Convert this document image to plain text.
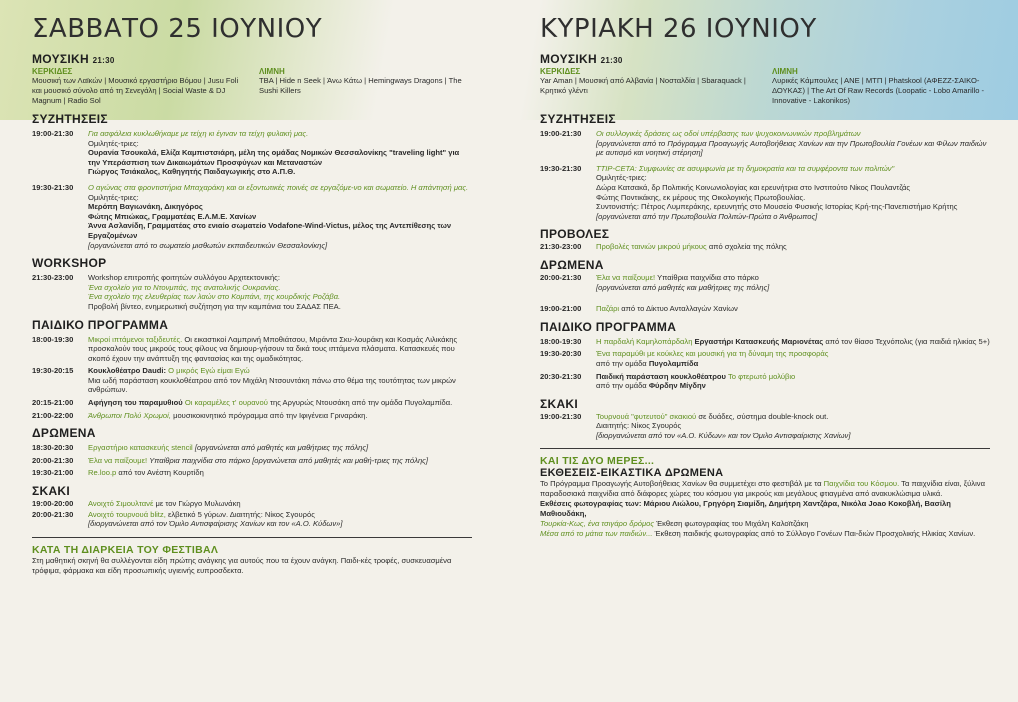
ΣΑΒΒΑΤΟ 25 ΙΟΥΝΙΟΥ
ΜΟΥΣΙΚΗ 21:30
ΚΕΡΚΙΔΕΣ
Μουσική των Λαϊκών | Μουσικό εργαστήριο Βόμου | Jusu Foli και μουσικό σύνολο από τη Σενεγάλη | Social Waste & DJ Magnum | Radio Sol
ΛΙΜΝΗ
TBA | Hide n Seek | Άνω Κάτω | Hemingways Dragons | The Sushi Killers
ΣΥΖΗΤΗΣΕΙΣ
19:00-21:30	Για ασφάλεια κυκλωθήκαμε με τείχη κι έγιναν τα τείχη φυλακή μας.
Ομιλητές-τριες:
Ουρανία Τσουκαλά, Ελίζα Καμπιστσιάρη, μέλη της ομάδας Νομικών Θεσσαλονίκης "traveling light" για την Υπεράσπιση των Δικαιωμάτων Προσφύγων και Μεταναστών
Γιώργος Τσιάκαλος, Καθηγητής Παιδαγωγικής στο Α.Π.Θ.
19:30-21:30	Ο αγώνας στα φροντιστήρια Μπαχαράκη και οι εξοντωτικές ποινές σε εργαζόμε-νο και σωματείο. Η απάντησή μας.
Ομιλητές-τριες:
Μερόπη Βαγιωνάκη, Δικηγόρος
Φώτης Μπιώκας, Γραμματέας Ε.Λ.Μ.Ε. Χανίων
Άννα Ασλανίδη, Γραμματέας στο ενιαίο σωματείο Vodafone-Wind-Victus, μέλος της Αντεπίθεσης των Εργαζομένων
[οργανώνεται από το σωματείο μισθωτών εκπαιδευτικών Θεσσαλονίκης]
WORKSHOP
21:30-23:00	Workshop επιτροπής φοιτητών συλλόγου Αρχιτεκτονικής:
Ένα σχολείο για το Ντονμπάς, της ανατολικής Ουκρανίας.
Ένα σχολείο της ελευθερίας των λαών στο Κομπάνι, της κουρδικής Ροζάβα.
Προβολή βίντεο, ενημερωτική συζήτηση για την καμπάνια του ΣΑΔΑΣ ΠΕΑ.
ΠΑΙΔΙΚΟ ΠΡΟΓΡΑΜΜΑ
18:00-19:30	Μικροί ιπτάμενοι ταξιδευτές. Οι εικαστικοί Λαμπρινή Μποθιάτσου, Μιράντα Σκυ-λουράκη και Κοσμάς Λιλικάκης προσκαλούν τους μικρούς τους φίλους να δημιουρ-γήσουν τα δικά τους ιπτάμενα πλάσματα. Κατασκευές που σκοπό έχουν την ανάπτυξη της φαντασίας και της ομαδικότητας.
19:30-20:15	Κουκλοθέατρο Daudi: Ο μικρός Εγώ είμαι Εγώ
Μια ωδή παράσταση κουκλοθέατρου από τον Μιχάλη Ντσουντάκη πάνω στο θέμα της τουτότητας των μικρών ανθρώπων.
20:15-21:00	Αφήγηση του παραμυθιού Οι καραμέλες τ' ουρανού της Αργυρώς Ντουσάκη από την ομάδα Πυγολαμπίδα.
21:00-22:00	Άνθρωποι Πολύ Χρωμοί, μουσικοκινητικό πρόγραμμα από την Ιφιγένεια Γριναράκη.
ΔΡΩΜΕΝΑ
18:30-20:30	Εργαστήριο κατασκευής stencil [οργανώνεται από μαθητές και μαθήτριες της πόλης]
20:00-21:30	Έλα να παίξουμε! Υπαίθρια παιχνίδια στο πάρκο [οργανώνεται από μαθητές και μαθή-τριες της πόλης]
19:30-21:00	Re.loo.p από τον Ανέστη Κουρτίδη
ΣΚΑΚΙ
19:00-20:00	Ανοιχτό Σιμουλτανέ με τον Γιώργο Μυλωνάκη
20:00-21:30	Ανοιχτό τουρνουά blitz, ελβετικό 5 γύρων. Διαιτητής: Νίκος Σγουρός
[διοργανώνεται από τον Όμιλο Αντισφαίρισης Χανίων και τον «Α.Ο. Κύδων»]
ΚΑΤΑ ΤΗ ΔΙΑΡΚΕΙΑ ΤΟΥ ΦΕΣΤΙΒΑΛ
Στη μαθητική σκηνή θα συλλέγονται είδη πρώτης ανάγκης για αυτούς που τα έχουν ανάγκη. Παιδι-κές τροφές, συσκευασμένα τρόφιμα, φάρμακα και είδη προσωπικής υγιεινής ευπροσδεκτα.
ΚΥΡΙΑΚΗ 26 ΙΟΥΝΙΟΥ
ΜΟΥΣΙΚΗ 21:30
ΚΕΡΚΙΔΕΣ
Yar Aman | Μουσική από Αλβανία | Νοσταλδία | Sbaraquack | Κρητικό γλέντι
ΛΙΜΝΗ
Λυρικές Κάμπουλες | ΑΝΕ | ΜΤΠ | Phatskool (ΑΦΕΖΖ-ΣΑΙΚΟ-ΔΟΥΚΑΣ) | The Art Of Raw Records (Loopatic - Lobo Amarillo - Innovative - Lakonikos)
ΣΥΖΗΤΗΣΕΙΣ
19:00-21:30	Οι συλλογικές δράσεις ως οδοί υπέρβασης των ψυχοκοινωνικών προβλημάτων
[οργανώνεται από το Πρόγραμμα Προαγωγής Αυτοβοήθειας Χανίων και την Πρωτοβουλία Γονέων και Φίλων παιδιών με αυτισμό και νοητική στέρηση]
19:30-21:30	TTIP-CETA: Συμφωνίες σε ασυμφωνία με τη δημοκρατία και τα συμφέροντα των πολιτών"
Ομιλητές-τριες:
Δώρα Κατσακά, δρ Πολιτικής Κοινωνιολογίας και ερευνήτρια στο Ινστιτούτο Νίκος Πουλαντζάς
Φώτης Ποντικάκης, εκ μέρους της Οικολογικής Πρωτοβουλίας.
Συντονιστής: Πέτρος Λυμπεράκης, ερευνητής στο Μουσείο Φυσικής Ιστορίας Κρή-της-Πανεπιστήμιο Κρήτης
[οργανώνεται από την Πρωτοβουλία Πολιτών-Πρώτα ο Άνθρωπος]
ΠΡΟΒΟΛΕΣ
21:30-23:00	Προβολές ταινιών μικρού μήκους από σχολεία της πόλης
ΔΡΩΜΕΝΑ
20:00-21:30	Έλα να παίξουμε! Υπαίθρια παιχνίδια στο πάρκο
[οργανώνεται από μαθητές και μαθήτριες της πόλης]
19:00-21:00	Παζάρι από το Δίκτυο Ανταλλαγών Χανίων
ΠΑΙΔΙΚΟ ΠΡΟΓΡΑΜΜΑ
18:00-19:30	Η παρδαλή Καμηλοπάρδαλη Εργαστήρι Κατασκευής Μαριονέτας από τον θίασο Τεχνόπολις (για παιδιά ηλικίας 5+)
19:30-20:30	Ένα παραμύθι με κούκλες και μουσική για τη δύναμη της προσφοράς
από την ομάδα Πυγολαμπίδα
20:30-21:30	Παιδική παράσταση κουκλοθέατρου Το φτερωτό μολύβιο
από την ομάδα Φύρδην Μίγδην
ΣΚΑΚΙ
19:00-21:30	Τουρνουά "φυτευτού" σκακιού σε δυάδες, σύστημα double-knock out.
Διαιτητής: Νίκος Σγουρός
[διοργανώνεται από τον «Α.Ο. Κύδων» και τον Όμιλο Αντισφαίρισης Χανίων]
ΚΑΙ ΤΙΣ ΔΥΟ ΜΕΡΕΣ...
ΕΚΘΕΣΕΙΣ-ΕΙΚΑΣΤΙΚΑ ΔΡΩΜΕΝΑ
Το Πρόγραμμα Προαγωγής Αυτοβοήθειας Χανίων θα συμμετέχει στο φεστιβάλ με τα Παιχνίδια του Κόσμου. Τα παιχνίδια είναι, ξύλινα παραδοσιακά παιχνίδια από διάφορες χώρες του κόσμου για μικρούς και μεγάλους φτιαγμένα από ανακυκλώσιμα υλικά.
Εκθέσεις φωτογραφίας των: Μάριου Λιώλου, Γρηγόρη Σιαμίδη, Δημήτρη Χαντζάρα, Νικόλα Joao Κοκοβλή, Βασίλη Μαθιουδάκη,
Τουρκία-Κως, ένα τσιγάρο δρόμος Έκθεση φωτογραφίας του Μιχάλη Καλοϊτζάκη
Μέσα από το μάτια των παιδιών... Έκθεση παιδικής φωτογραφίας από το Σύλλογο Γονέων Παι-διών Προσχολικής Ηλικίας Χανίων.
